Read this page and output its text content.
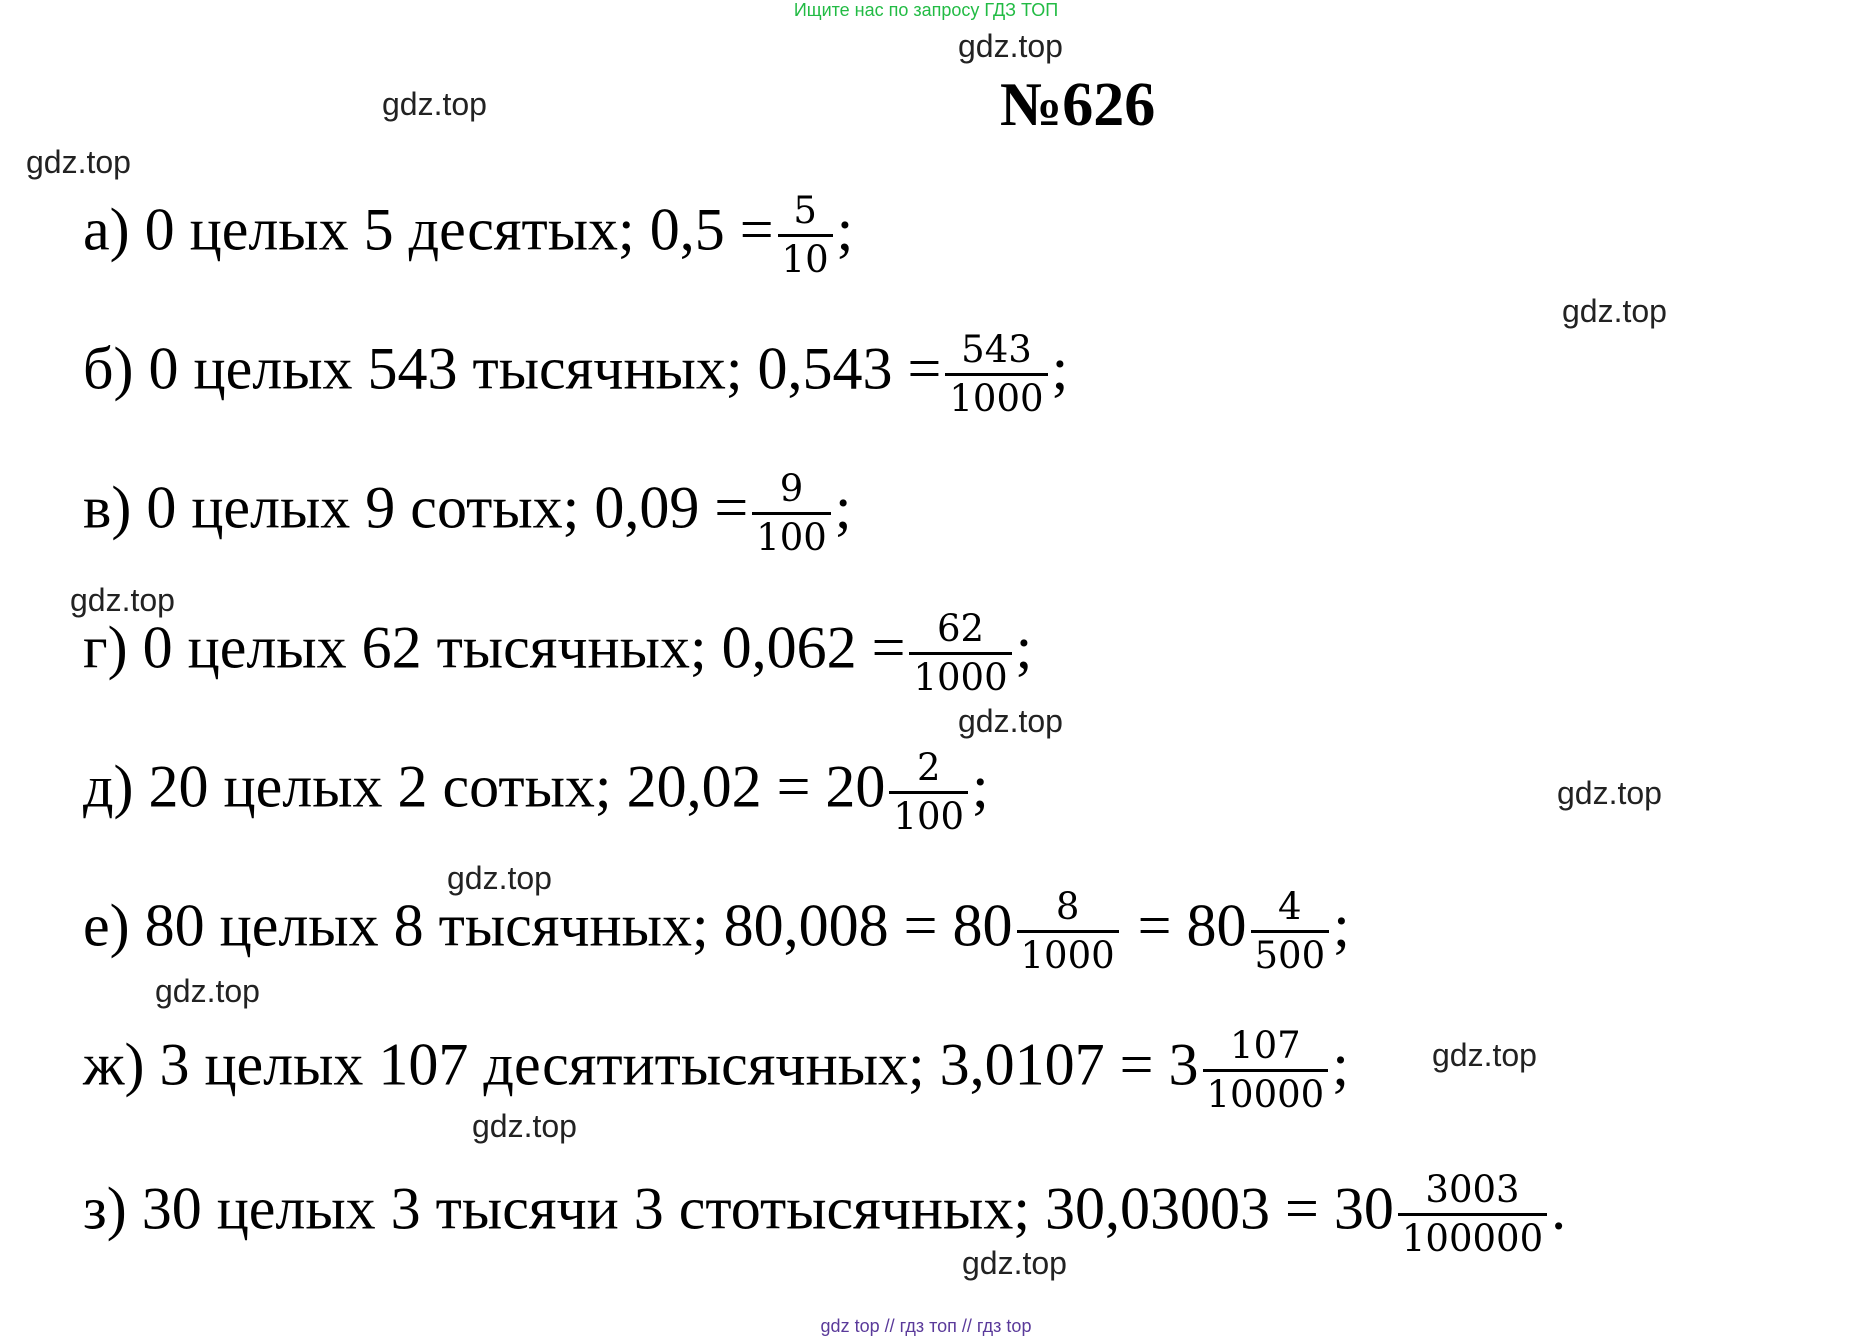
Ищите нас по запросу ГДЗ ТОП
gdz.top
gdz.top
gdz.top
gdz.top
gdz.top
gdz.top
gdz.top
gdz.top
gdz.top
gdz.top
gdz.top
gdz.top
№626
а) 0 целых 5 десятых; $0,5 = \frac{5}{10}$ ;
б) 0 целых 543 тысячных; $0,543 = \frac{543}{1000}$ ;
в) 0 целых 9 сотых; $0,09 = \frac{9}{100}$ ;
г) 0 целых 62 тысячных; $0,062 = \frac{62}{1000}$ ;
д) 20 целых 2 сотых; $20,02 = 20 \frac{2}{100}$ ;
е) 80 целых 8 тысячных; $80,008 = 80 \frac{8}{1000} = 80 \frac{4}{500}$ ;
ж) 3 целых 107 десятитысячных; $3,0107 = 3 \frac{107}{10000}$ ;
з) 30 целых 3 тысячи 3 стотысячных; $30,03003 = 30 \frac{3003}{100000}$ .
gdz top // гдз топ // гдз top
